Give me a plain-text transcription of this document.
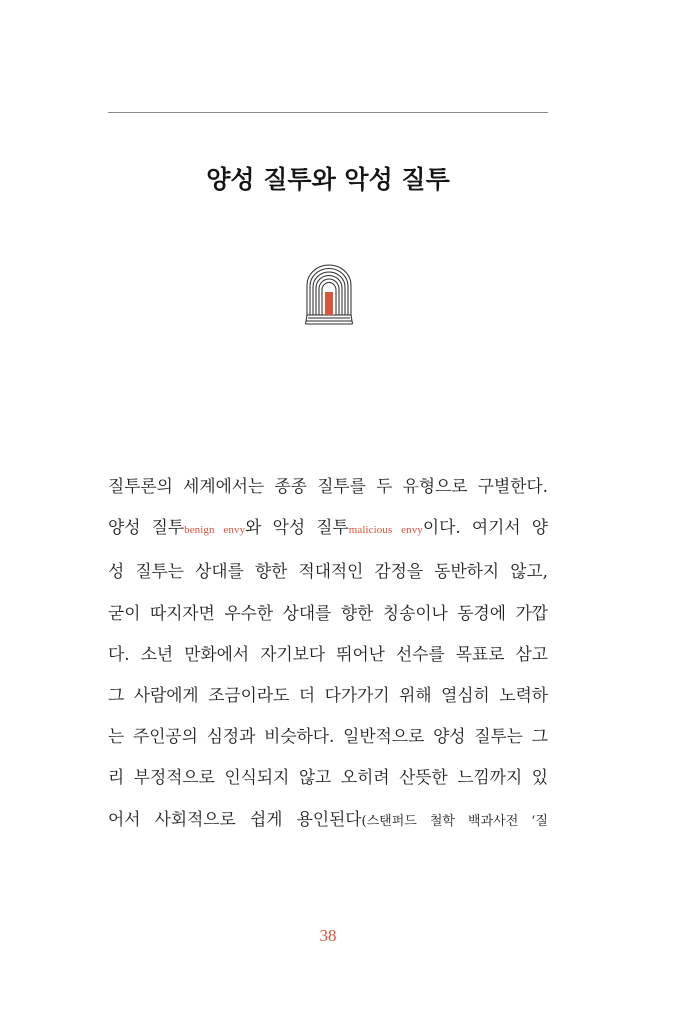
양성 질투와 악성 질투

질투론의 세계에서는 종종 질투를 두 유형으로 구별한다.
양성 질투benign envy와 악성 질투malicious envy이다. 여기서 양
성 질투는 상대를 향한 적대적인 감정을 동반하지 않고,
굳이 따지자면 우수한 상대를 향한 칭송이나 동경에 가깝
다. 소년 만화에서 자기보다 뛰어난 선수를 목표로 삼고
그 사람에게 조금이라도 더 다가가기 위해 열심히 노력하
는 주인공의 심정과 비슷하다. 일반적으로 양성 질투는 그
리 부정적으로 인식되지 않고 오히려 산뜻한 느낌까지 있
어서 사회적으로 쉽게 용인된다(스탠퍼드 철학 백과사전 ‘질

38
